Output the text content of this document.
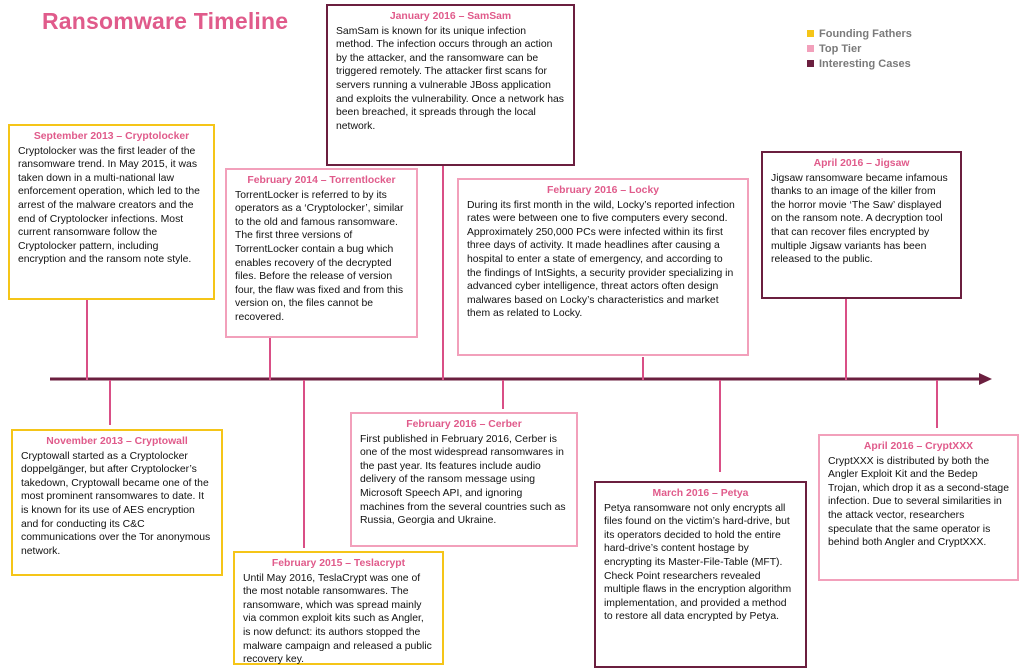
Ransomware Timeline	Founding Fathers
Top Tier
Interesting Cases
September 2013 – Cryptolocker
Cryptolocker was the first leader of the ransomware trend. In May 2015, it was taken down in a multi-national law enforcement operation, which led to the arrest of the malware creators and the end of Cryptolocker infections. Most current ransomware follow the Cryptolocker pattern, including encryption and the ransom note style.
November 2013 – Cryptowall
Cryptowall started as a Cryptolocker doppelgänger, but after Cryptolocker’s takedown, Cryptowall became one of the most prominent ransomwares to date. It is known for its use of AES encryption and for conducting its C&C communications over the Tor anonymous network.
February 2014 – Torrentlocker
TorrentLocker is referred to by its operators as a ‘Cryptolocker’, similar to the old and famous ransomware. The first three versions of TorrentLocker contain a bug which enables recovery of the decrypted files. Before the release of version four, the flaw was fixed and from this version on, the files cannot be recovered.
February 2015 – Teslacrypt
Until May 2016, TeslaCrypt was one of the most notable ransomwares. The ransomware, which was spread mainly via common exploit kits such as Angler, is now defunct: its authors stopped the malware campaign and released a public recovery key.
January 2016 – SamSam
SamSam is known for its unique infection method. The infection occurs through an action by the attacker, and the ransomware can be triggered remotely. The attacker first scans for servers running a vulnerable JBoss application and exploits the vulnerability. Once a network has been breached, it spreads through the local network.
February 2016 – Cerber
First published in February 2016, Cerber is one of the most widespread ransomwares in the past year. Its features include audio delivery of the ransom message using Microsoft Speech API, and ignoring machines from the several countries such as Russia, Georgia and Ukraine.
February 2016 – Locky
During its first month in the wild, Locky’s reported infection rates were between one to five computers every second. Approximately 250,000 PCs were infected within its first three days of activity. It made headlines after causing a hospital to enter a state of emergency, and according to the findings of IntSights, a security provider specializing in advanced cyber intelligence, threat actors often design malwares based on Locky’s characteristics and market them as related to Locky.
March 2016 – Petya
Petya ransomware not only encrypts all files found on the victim’s hard-drive, but its operators decided to hold the entire hard-drive’s content hostage by encrypting its Master-File-Table (MFT). Check Point researchers revealed multiple flaws in the encryption algorithm implementation, and provided a method to restore all data encrypted by Petya.
April 2016 – Jigsaw
Jigsaw ransomware became infamous thanks to an image of the killer from the horror movie ‘The Saw’ displayed on the ransom note. A decryption tool that can recover files encrypted by multiple Jigsaw variants has been released to the public.
April 2016 – CryptXXX
CryptXXX is distributed by both the Angler Exploit Kit and the Bedep Trojan, which drop it as a second-stage infection. Due to several similarities in the attack vector, researchers speculate that the same operator is behind both Angler and CryptXXX.
